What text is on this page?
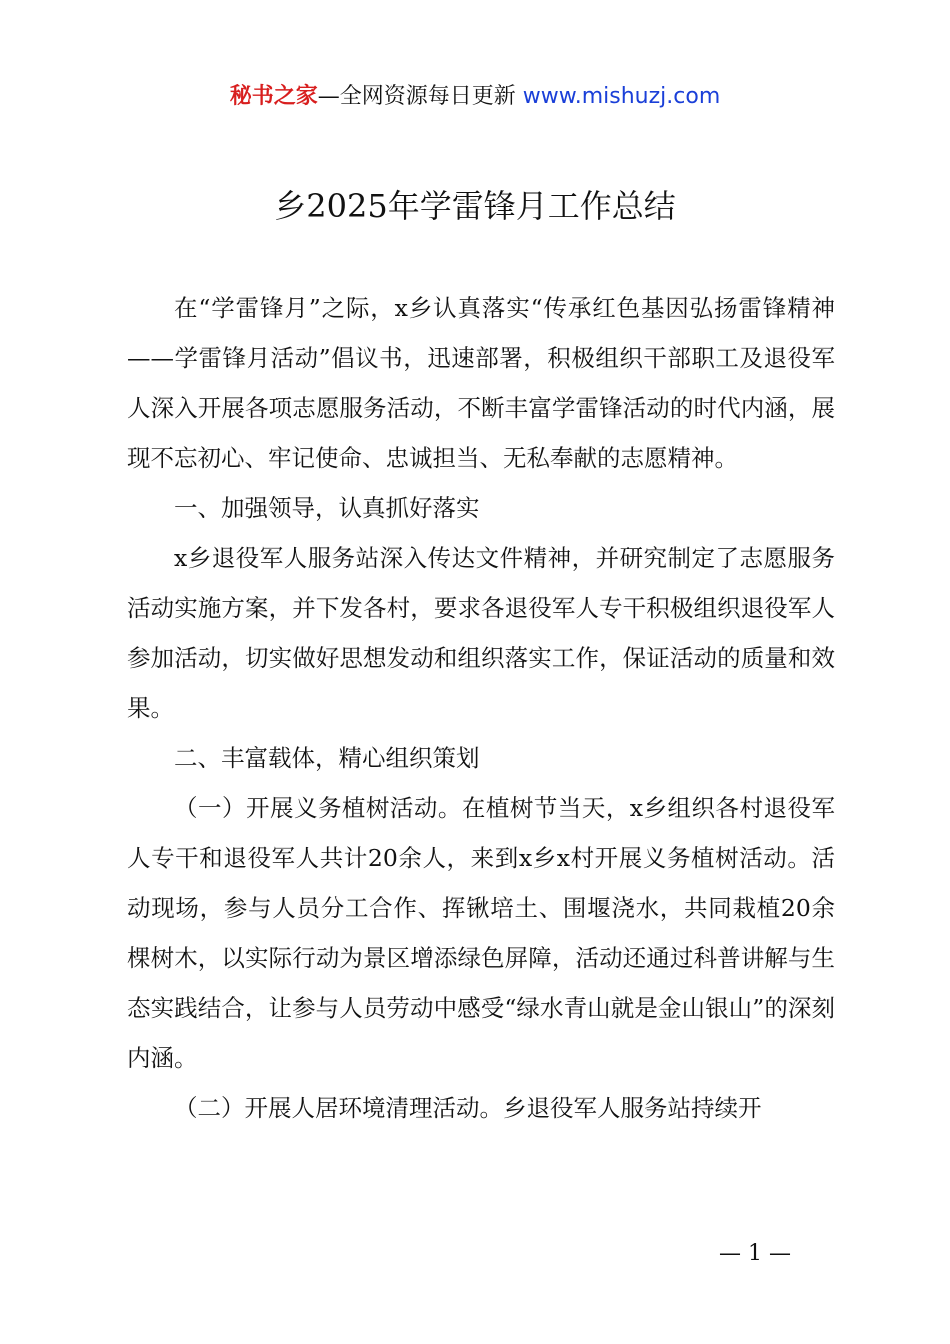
秘书之家—全网资源每日更新 www.mishuzj.com
乡2025年学雷锋月工作总结

在“学雷锋月”之际，x乡认真落实“传承红色基因弘扬雷锋精神——学雷锋月活动”倡议书，迅速部署，积极组织干部职工及退役军人深入开展各项志愿服务活动，不断丰富学雷锋活动的时代内涵，展现不忘初心、牢记使命、忠诚担当、无私奉献的志愿精神。

一、加强领导，认真抓好落实

x乡退役军人服务站深入传达文件精神，并研究制定了志愿服务活动实施方案，并下发各村，要求各退役军人专干积极组织退役军人参加活动，切实做好思想发动和组织落实工作，保证活动的质量和效果。

二、丰富载体，精心组织策划

（一）开展义务植树活动。在植树节当天，x乡组织各村退役军人专干和退役军人共计20余人，来到x乡x村开展义务植树活动。活动现场，参与人员分工合作、挥锹培土、围堰浇水，共同栽植20余棵树木，以实际行动为景区增添绿色屏障，活动还通过科普讲解与生态实践结合，让参与人员劳动中感受“绿水青山就是金山银山”的深刻内涵。

（二）开展人居环境清理活动。乡退役军人服务站持续开

— 1 —
